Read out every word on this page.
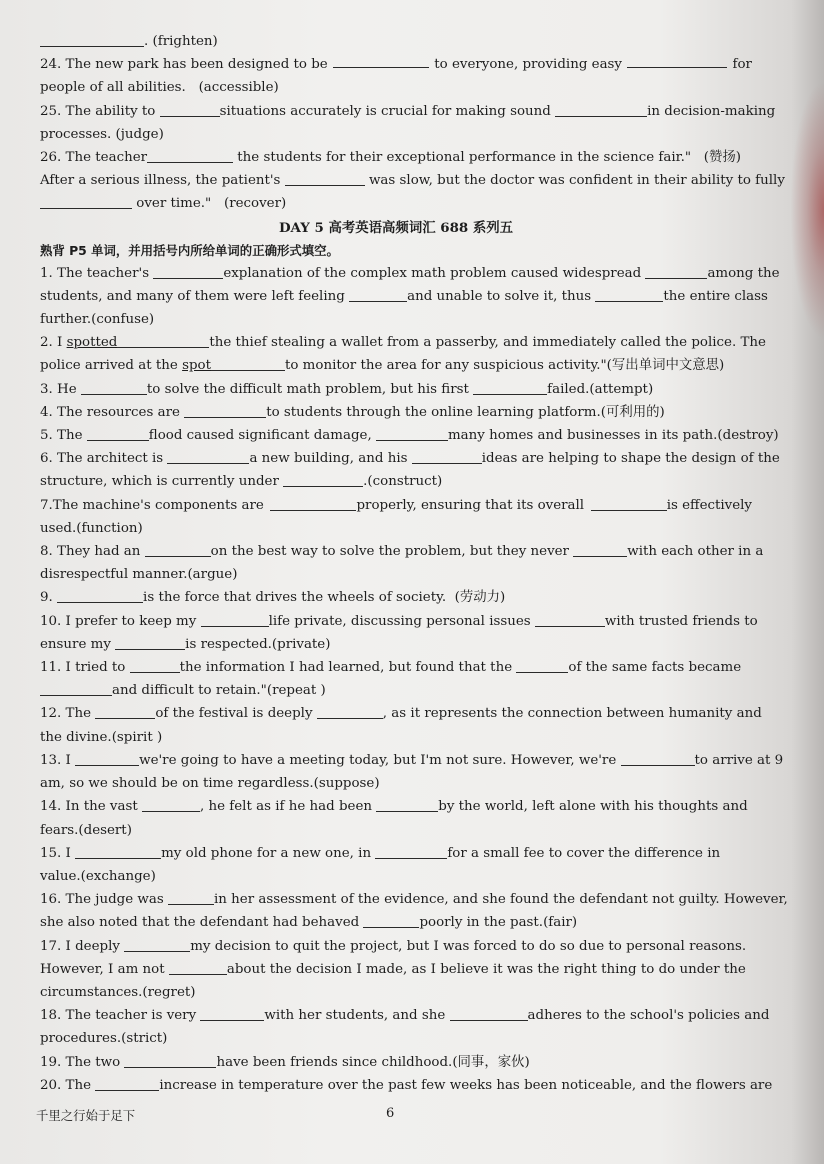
. (frighten)
24. The new park has been designed to be	to everyone, providing easy	for
people of all abilities. (accessible)
25. The ability to	situations accurately is crucial for making sound	in decision-making
processes. (judge)
26. The teacher	the students for their exceptional performance in the science fair." (赞扬)
After a serious illness, the patient's	was slow, but the doctor was confident in their ability to fully
over time." (recover)
DAY 5 高考英语高频词汇 688 系列五
熟背 P5 单词，并用括号内所给单词的正确形式填空。
1. The teacher's	explanation of the complex math problem caused widespread	among the
students, and many of them were left feeling	and unable to solve it, thus	the entire class
further.(confuse)
2. I spotted	the thief stealing a wallet from a passerby, and immediately called the police. The
police arrived at the spot	to monitor the area for any suspicious activity."(写出单词中文意思)
3. He	to solve the difficult math problem, but his first	failed.(attempt)
4. The resources are	to students through the online learning platform.(可利用的)
5. The	flood caused significant damage,	many homes and businesses in its path.(destroy)
6. The architect is	a new building, and his	ideas are helping to shape the design of the
structure, which is currently under	.(construct)
7.The machine's components are	properly, ensuring that its overall	is effectively
used.(function)
8. They had an	on the best way to solve the problem, but they never	with each other in a
disrespectful manner.(argue)
9.	is the force that drives the wheels of society. (劳动力)
10. I prefer to keep my	life private, discussing personal issues	with trusted friends to
ensure my	is respected.(private)
11. I tried to	the information I had learned, but found that the	of the same facts became
and difficult to retain."(repeat )
12. The	of the festival is deeply	, as it represents the connection between humanity and
the divine.(spirit )
13. I	we're going to have a meeting today, but I'm not sure. However, we're	to arrive at 9
am, so we should be on time regardless.(suppose)
14. In the vast	, he felt as if he had been	by the world, left alone with his thoughts and
fears.(desert)
15. I	my old phone for a new one, in	for a small fee to cover the difference in
value.(exchange)
16. The judge was	in her assessment of the evidence, and she found the defendant not guilty. However,
she also noted that the defendant had behaved	poorly in the past.(fair)
17. I deeply	my decision to quit the project, but I was forced to do so due to personal reasons.
However, I am not	about the decision I made, as I believe it was the right thing to do under the
circumstances.(regret)
18. The teacher is very	with her students, and she	adheres to the school's policies and
procedures.(strict)
19. The two	have been friends since childhood.(同事，家伙)
20. The	increase in temperature over the past few weeks has been noticeable, and the flowers are
千里之行始于足下	6
